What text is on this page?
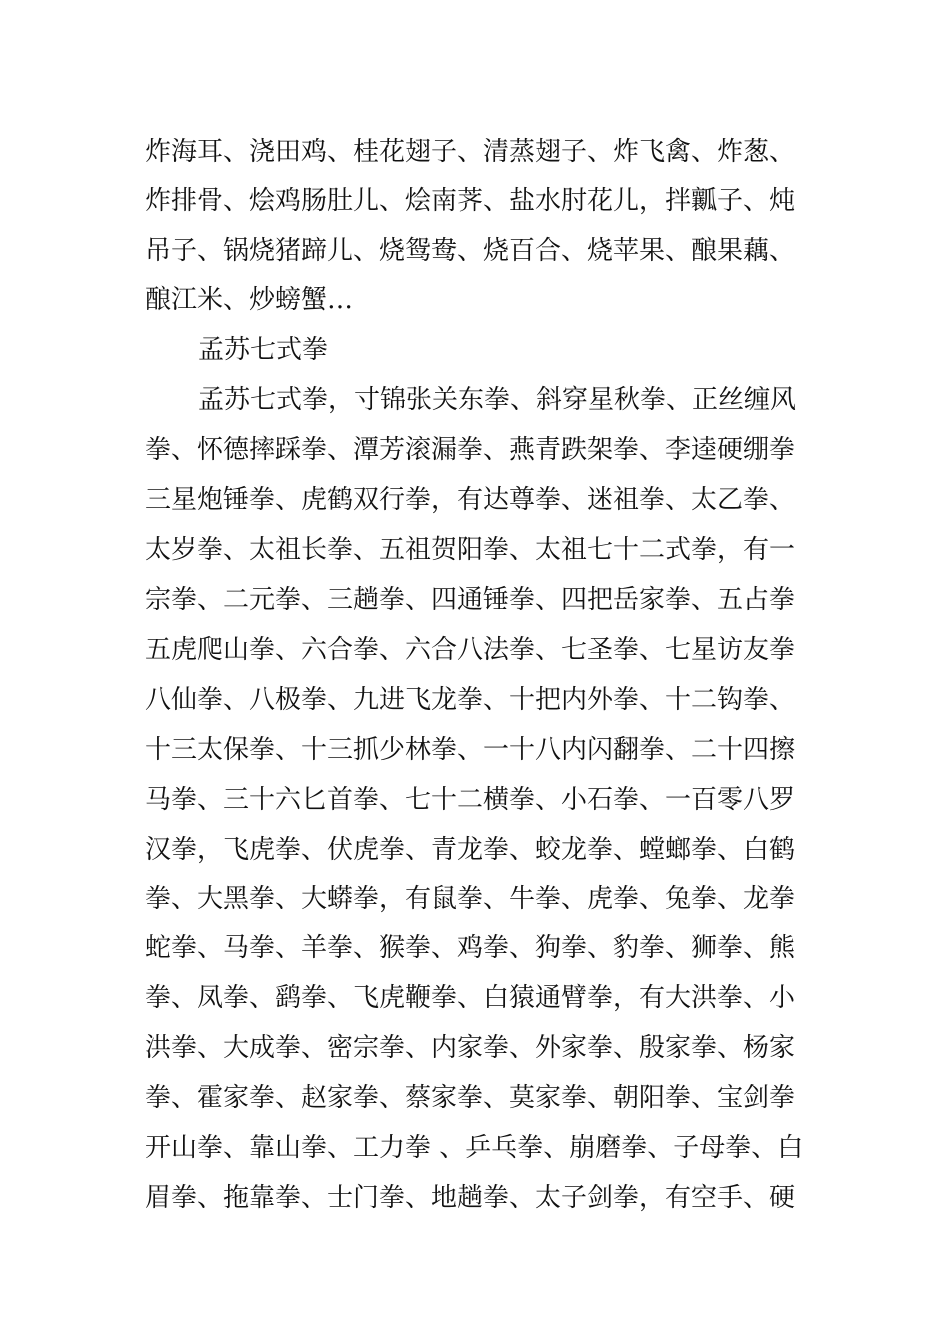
炸海耳、浇田鸡、桂花翅子、清蒸翅子、炸飞禽、炸葱、
炸排骨、烩鸡肠肚儿、烩南荠、盐水肘花儿，拌瓤子、炖
吊子、锅烧猪蹄儿、烧鸳鸯、烧百合、烧苹果、酿果藕、
酿江米、炒螃蟹…
孟苏七式拳
孟苏七式拳，寸锦张关东拳、斜穿星秋拳、正丝缠风
拳、怀德摔踩拳、潭芳滚漏拳、燕青跌架拳、李逵硬绷拳
三星炮锤拳、虎鹤双行拳，有达尊拳、迷祖拳、太乙拳、
太岁拳、太祖长拳、五祖贺阳拳、太祖七十二式拳，有一
宗拳、二元拳、三趟拳、四通锤拳、四把岳家拳、五占拳
五虎爬山拳、六合拳、六合八法拳、七圣拳、七星访友拳
八仙拳、八极拳、九进飞龙拳、十把内外拳、十二钩拳、
十三太保拳、十三抓少林拳、一十八内闪翻拳、二十四擦
马拳、三十六匕首拳、七十二横拳、小石拳、一百零八罗
汉拳，飞虎拳、伏虎拳、青龙拳、蛟龙拳、螳螂拳、白鹤
拳、大黑拳、大蟒拳，有鼠拳、牛拳、虎拳、兔拳、龙拳
蛇拳、马拳、羊拳、猴拳、鸡拳、狗拳、豹拳、狮拳、熊
拳、凤拳、鹞拳、飞虎鞭拳、白猿通臂拳，有大洪拳、小
洪拳、大成拳、密宗拳、内家拳、外家拳、殷家拳、杨家
拳、霍家拳、赵家拳、蔡家拳、莫家拳、朝阳拳、宝剑拳
开山拳、靠山拳、工力拳 、乒乓拳、崩磨拳、子母拳、白
眉拳、拖靠拳、士门拳、地趟拳、太子剑拳，有空手、硬
